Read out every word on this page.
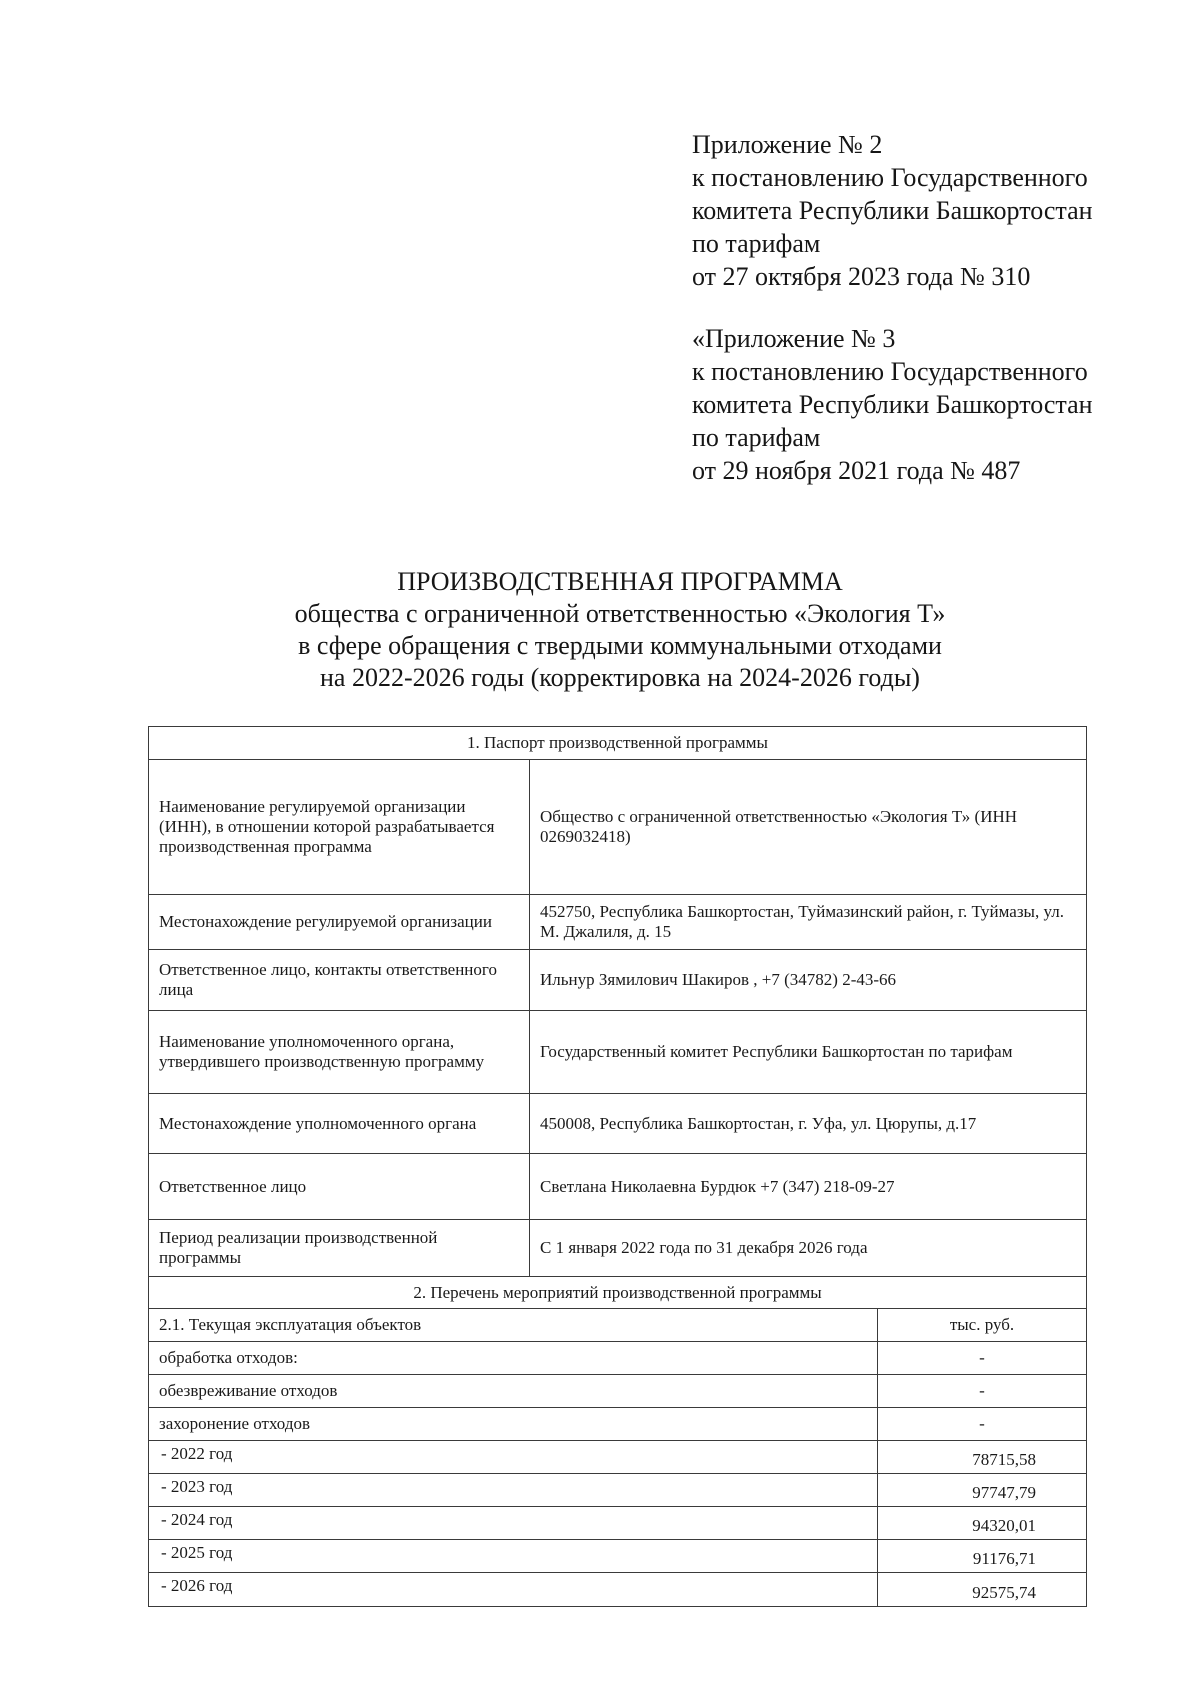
Приложение № 2
к постановлению Государственного
комитета Республики Башкортостан
по тарифам
от 27 октября 2023 года № 310
«Приложение № 3
к постановлению Государственного
комитета Республики Башкортостан
по тарифам
от 29 ноября 2021 года № 487
ПРОИЗВОДСТВЕННАЯ ПРОГРАММА
общества с ограниченной ответственностью «Экология Т»
в сфере обращения с твердыми коммунальными отходами
на 2022-2026 годы (корректировка на 2024-2026 годы)
1. Паспорт производственной программы		
Наименование регулируемой организации (ИНН), в отношении которой разрабатывается производственная программа	Общество с ограниченной ответственностью «Экология Т» (ИНН 0269032418)	
Местонахождение регулируемой организации	452750, Республика Башкортостан, Туймазинский район, г. Туймазы, ул. М. Джалиля, д. 15	
Ответственное лицо, контакты ответственного лица	Ильнур Зямилович Шакиров , +7 (34782) 2-43-66	
Наименование уполномоченного органа, утвердившего производственную программу	Государственный комитет Республики Башкортостан по тарифам	
Местонахождение уполномоченного органа	450008, Республика Башкортостан, г. Уфа, ул. Цюрупы, д.17	
Ответственное лицо	Светлана Николаевна Бурдюк +7 (347) 218-09-27	
Период реализации производственной программы	С 1 января 2022 года по 31 декабря 2026 года	
2. Перечень мероприятий производственной программы		
2.1. Текущая эксплуатация объектов		тыс. руб.
обработка отходов:		-
обезвреживание отходов		-
захоронение отходов		-
- 2022 год		78715,58
- 2023 год		97747,79
- 2024 год		94320,01
- 2025 год		91176,71
- 2026 год		92575,74
